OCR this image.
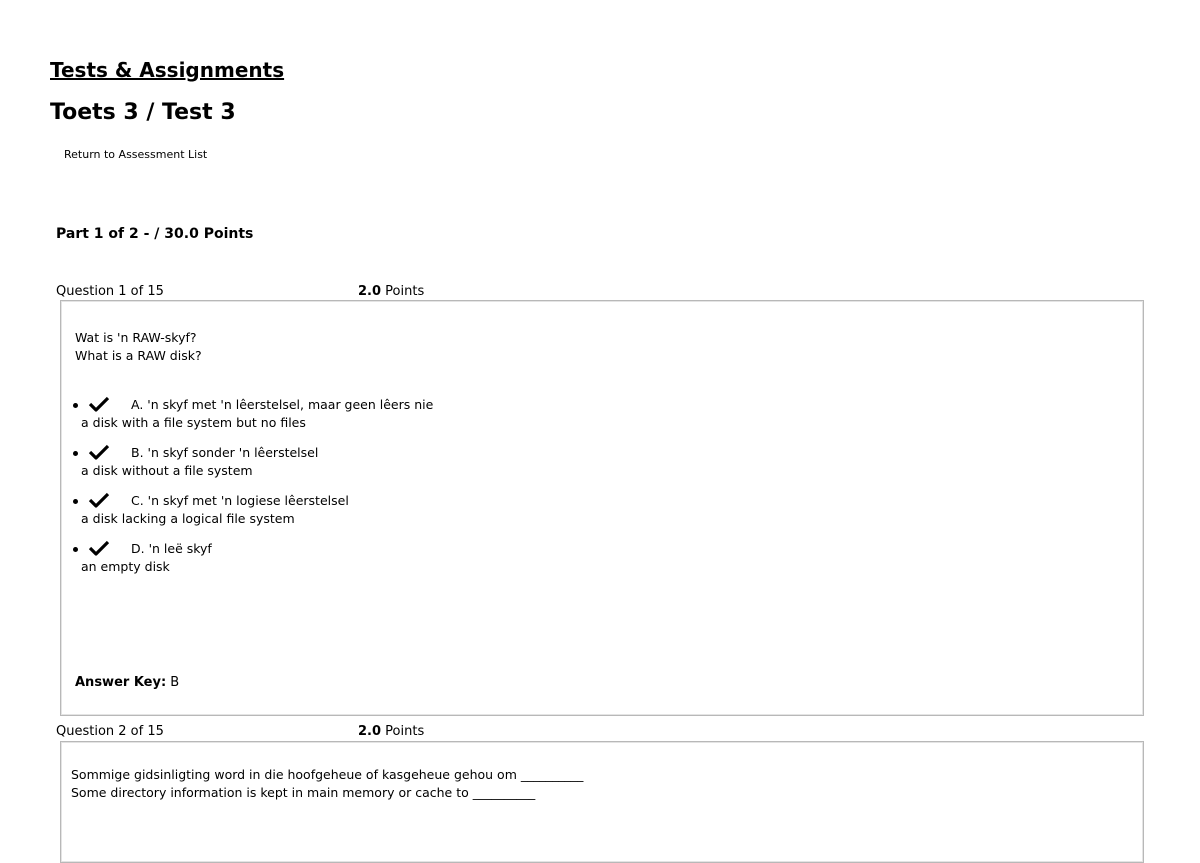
Tests & Assignments
Toets 3 / Test 3
Return to Assessment List
Part 1 of 2 - / 30.0 Points
Question 1 of 15	2.0 Points
Wat is 'n RAW-skyf?
What is a RAW disk?
A. 'n skyf met 'n lêerstelsel, maar geen lêers nie
a disk with a file system but no files
B. 'n skyf sonder 'n lêerstelsel
a disk without a file system
C. 'n skyf met 'n logiese lêerstelsel
a disk lacking a logical file system
D. 'n leë skyf
an empty disk
Answer Key: B
Question 2 of 15	2.0 Points
Sommige gidsinligting word in die hoofgeheue of kasgeheue gehou om __________
Some directory information is kept in main memory or cache to __________
